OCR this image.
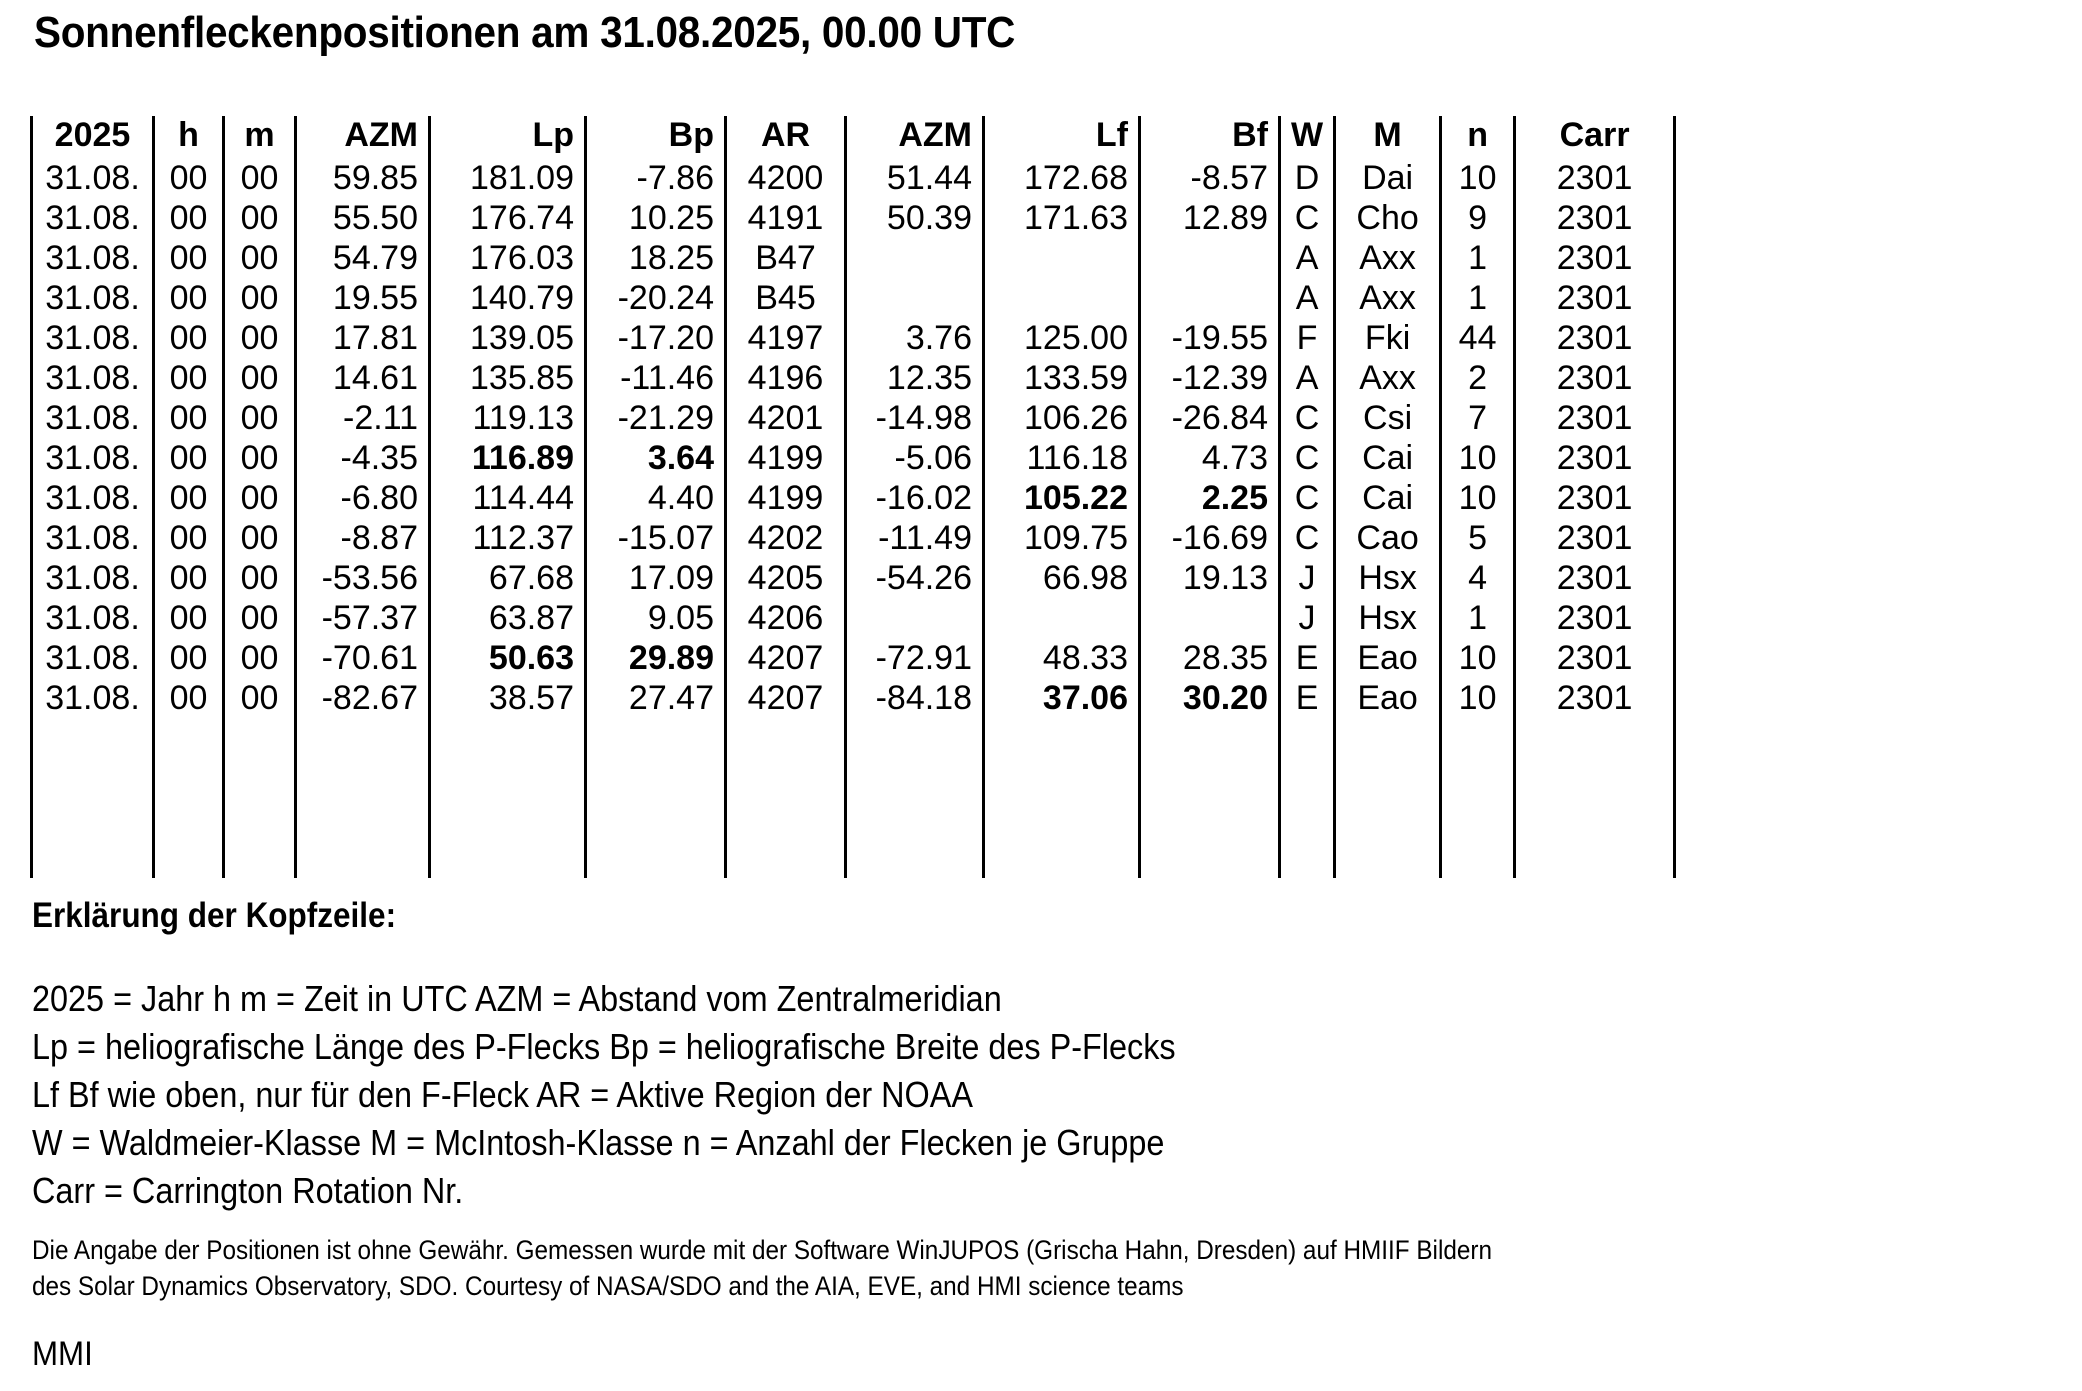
Sonnenfleckenpositionen am 31.08.2025, 00.00 UTC
2025	h	m	AZM	Lp	Bp	AR	AZM	Lf	Bf	W	M	n	Carr
31.08.	00	00	59.85	181.09	-7.86	4200	51.44	172.68	-8.57	D	Dai	10	2301
31.08.	00	00	55.50	176.74	10.25	4191	50.39	171.63	12.89	C	Cho	9	2301
31.08.	00	00	54.79	176.03	18.25	B47				A	Axx	1	2301
31.08.	00	00	19.55	140.79	-20.24	B45				A	Axx	1	2301
31.08.	00	00	17.81	139.05	-17.20	4197	3.76	125.00	-19.55	F	Fki	44	2301
31.08.	00	00	14.61	135.85	-11.46	4196	12.35	133.59	-12.39	A	Axx	2	2301
31.08.	00	00	-2.11	119.13	-21.29	4201	-14.98	106.26	-26.84	C	Csi	7	2301
31.08.	00	00	-4.35	116.89	3.64	4199	-5.06	116.18	4.73	C	Cai	10	2301
31.08.	00	00	-6.80	114.44	4.40	4199	-16.02	105.22	2.25	C	Cai	10	2301
31.08.	00	00	-8.87	112.37	-15.07	4202	-11.49	109.75	-16.69	C	Cao	5	2301
31.08.	00	00	-53.56	67.68	17.09	4205	-54.26	66.98	19.13	J	Hsx	4	2301
31.08.	00	00	-57.37	63.87	9.05	4206				J	Hsx	1	2301
31.08.	00	00	-70.61	50.63	29.89	4207	-72.91	48.33	28.35	E	Eao	10	2301
31.08.	00	00	-82.67	38.57	27.47	4207	-84.18	37.06	30.20	E	Eao	10	2301

Erklärung der Kopfzeile:
2025 = Jahr h m = Zeit in UTC AZM = Abstand vom Zentralmeridian
Lp = heliografische Länge des P-Flecks Bp = heliografische Breite des P-Flecks
Lf Bf wie oben, nur für den F-Fleck AR = Aktive Region der NOAA
W = Waldmeier-Klasse M = McIntosh-Klasse n = Anzahl der Flecken je Gruppe
Carr = Carrington Rotation Nr.
Die Angabe der Positionen ist ohne Gewähr. Gemessen wurde mit der Software WinJUPOS (Grischa Hahn, Dresden) auf HMIIF Bildern
des Solar Dynamics Observatory, SDO. Courtesy of NASA/SDO and the AIA, EVE, and HMI science teams
MMI
